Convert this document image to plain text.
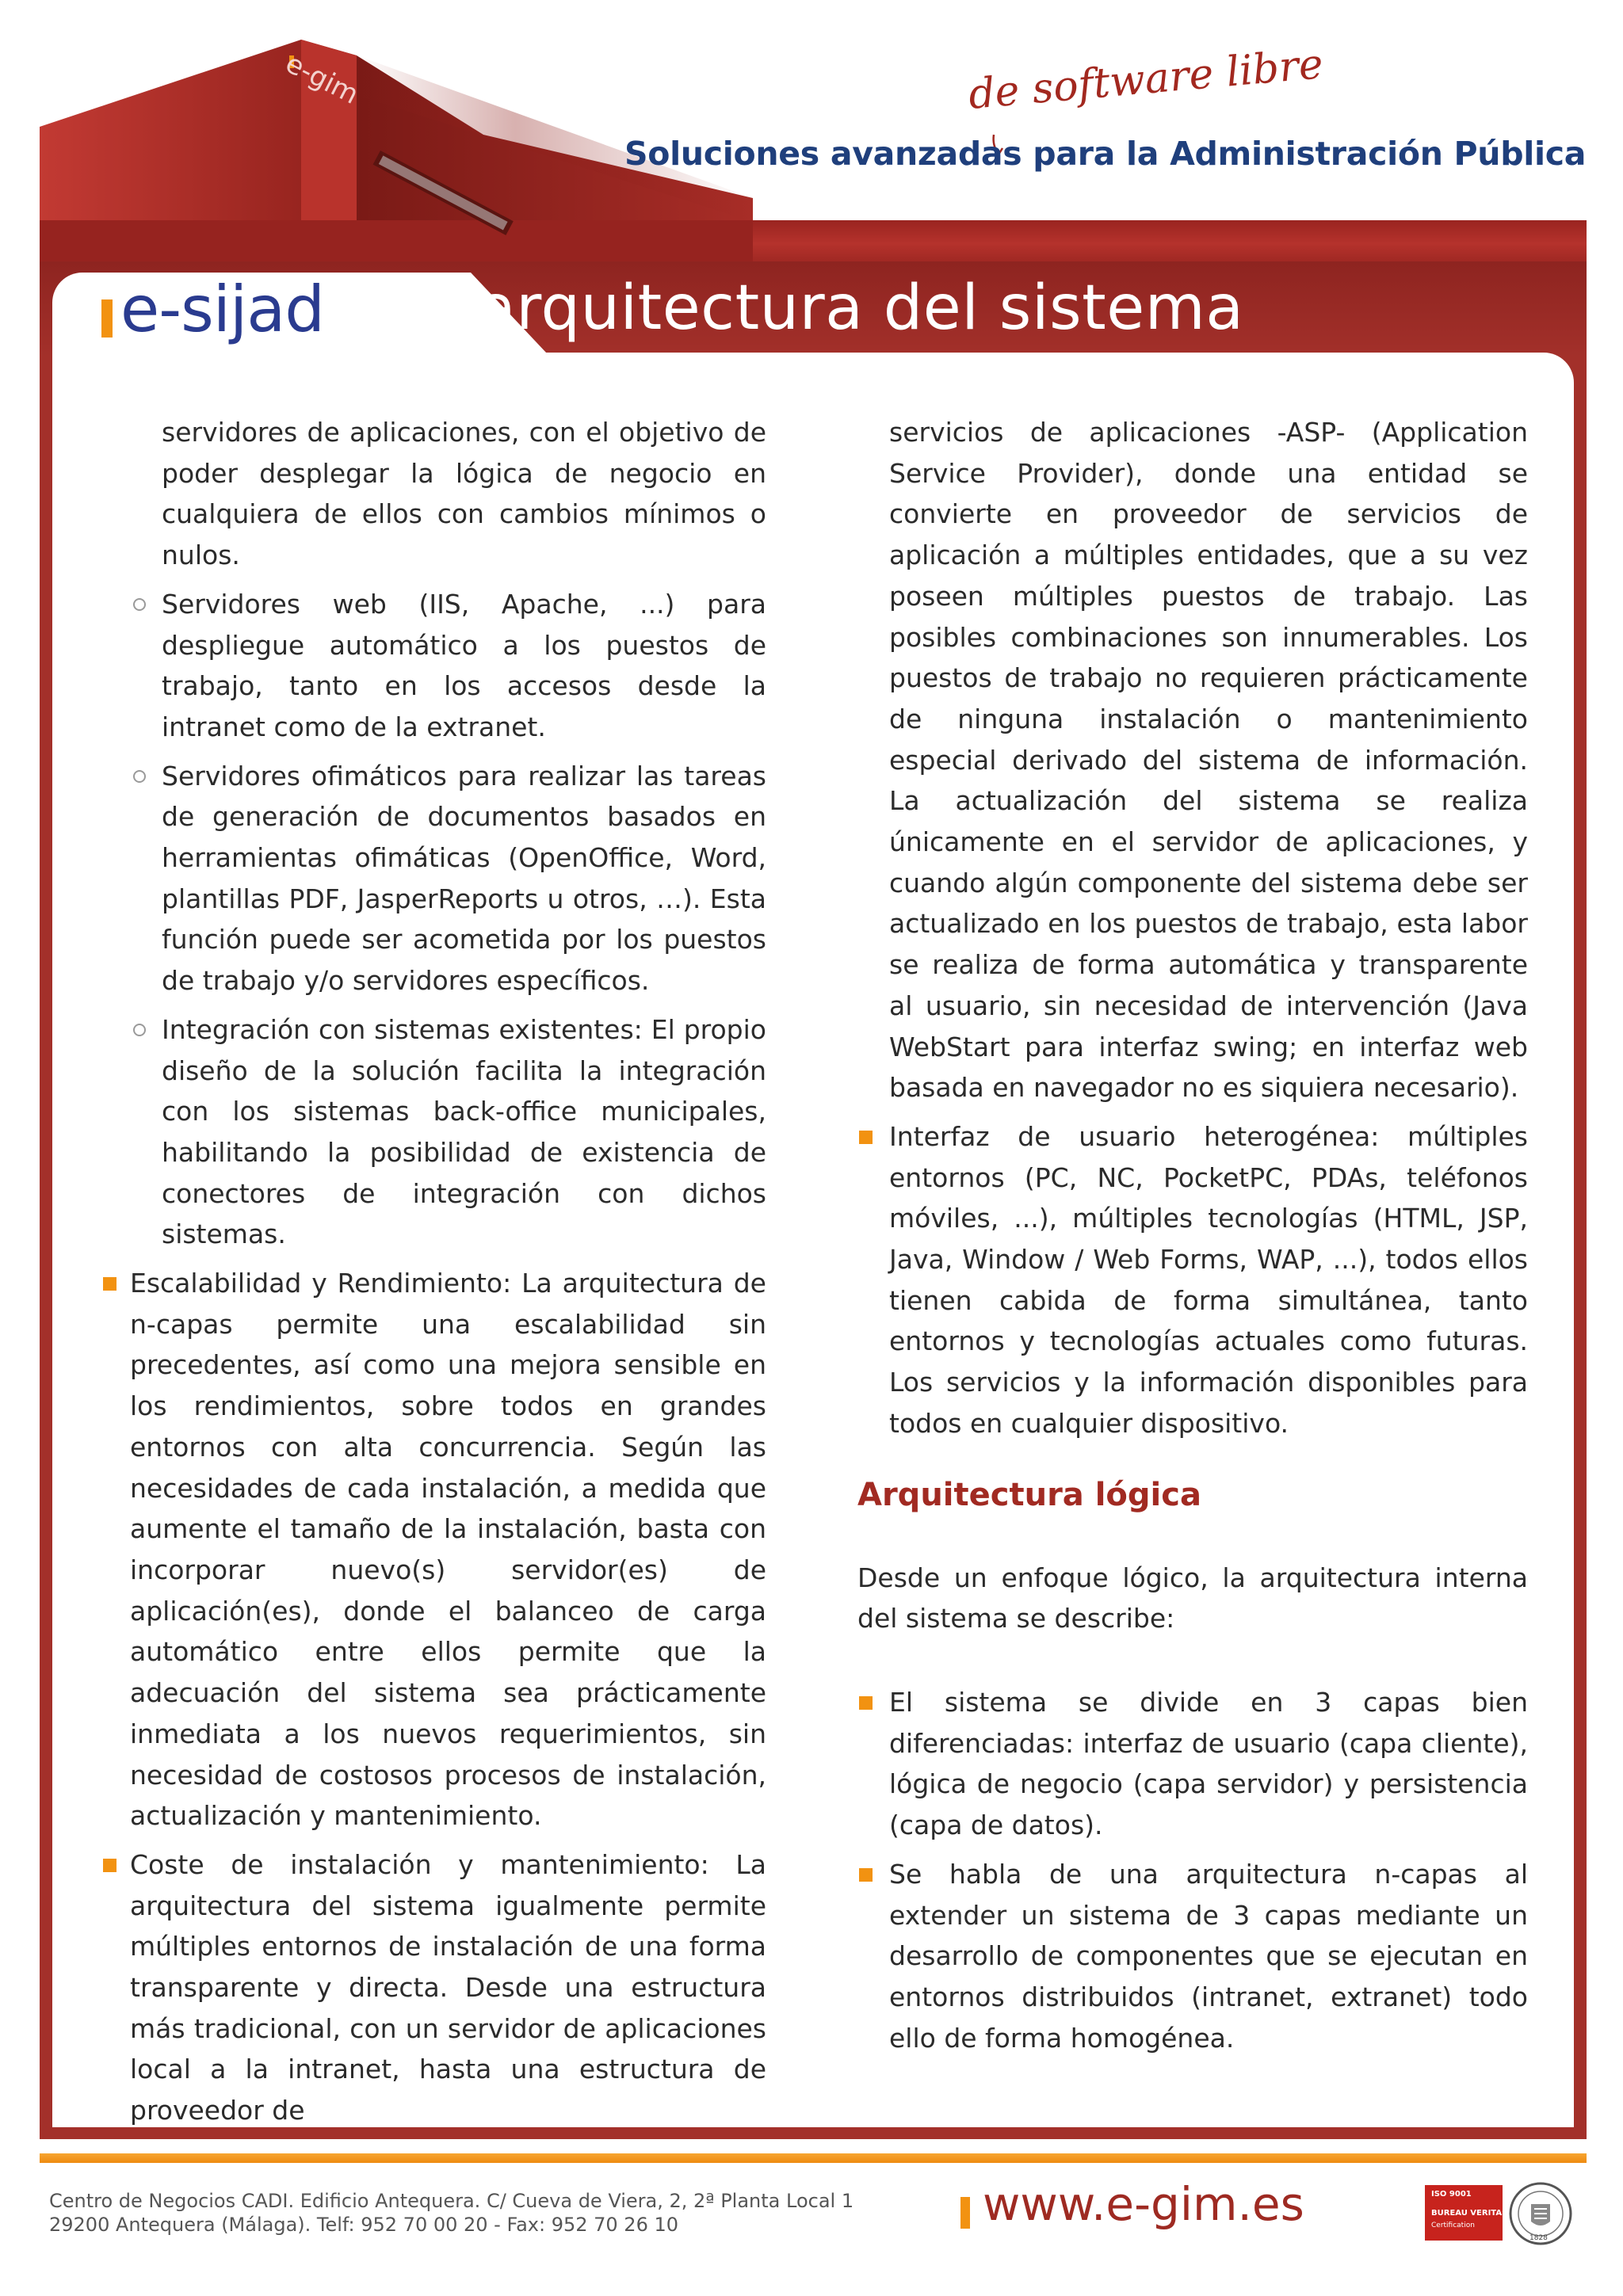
e-gim	de software libre
Soluciones avanzadas para la Administración Pública
e-sijad arquitectura del sistema

servidores de aplicaciones, con el objetivo de poder desplegar la lógica de negocio en cualquiera de ellos con cambios mínimos o nulos.

Servidores web (IIS, Apache, ...) para despliegue automático a los puestos de trabajo, tanto en los accesos desde la intranet como de la extranet.

Servidores ofimáticos para realizar las tareas de generación de documentos basados en herramientas ofimáticas (OpenOffice, Word, plantillas PDF, JasperReports u otros, …). Esta función puede ser acometida por los puestos de trabajo y/o servidores específicos.

Integración con sistemas existentes: El propio diseño de la solución facilita la integración con los sistemas back-office municipales, habilitando la posibilidad de existencia de conectores de integración con dichos sistemas.

Escalabilidad y Rendimiento: La arquitectura de n-capas permite una escalabilidad sin precedentes, así como una mejora sensible en los rendimientos, sobre todos en grandes entornos con alta concurrencia. Según las necesidades de cada instalación, a medida que aumente el tamaño de la instalación, basta con incorporar nuevo(s) servidor(es) de aplicación(es), donde el balanceo de carga automático entre ellos permite que la adecuación del sistema sea prácticamente inmediata a los nuevos requerimientos, sin necesidad de costosos procesos de instalación, actualización y mantenimiento.

Coste de instalación y mantenimiento: La arquitectura del sistema igualmente permite múltiples entornos de instalación de una forma transparente y directa. Desde una estructura más tradicional, con un servidor de aplicaciones local a la intranet, hasta una estructura de proveedor de

servicios de aplicaciones -ASP- (Application Service Provider), donde una entidad se convierte en proveedor de servicios de aplicación a múltiples entidades, que a su vez poseen múltiples puestos de trabajo. Las posibles combinaciones son innumerables. Los puestos de trabajo no requieren prácticamente de ninguna instalación o mantenimiento especial derivado del sistema de información. La actualización del sistema se realiza únicamente en el servidor de aplicaciones, y cuando algún componente del sistema debe ser actualizado en los puestos de trabajo, esta labor se realiza de forma automática y transparente al usuario, sin necesidad de intervención (Java WebStart para interfaz swing; en interfaz web basada en navegador no es siquiera necesario).

Interfaz de usuario heterogénea: múltiples entornos (PC, NC, PocketPC, PDAs, teléfonos móviles, ...), múltiples tecnologías (HTML, JSP, Java, Window / Web Forms, WAP, ...), todos ellos tienen cabida de forma simultánea, tanto entornos y tecnologías actuales como futuras. Los servicios y la información disponibles para todos en cualquier dispositivo.

Arquitectura lógica

Desde un enfoque lógico, la arquitectura interna del sistema se describe:

El sistema se divide en 3 capas bien diferenciadas: interfaz de usuario (capa cliente), lógica de negocio (capa servidor) y persistencia (capa de datos).

Se habla de una arquitectura n-capas al extender un sistema de 3 capas mediante un desarrollo de componentes que se ejecutan en entornos distribuidos (intranet, extranet) todo ello de forma homogénea.

Centro de Negocios CADI. Edificio Antequera. C/ Cueva de Viera, 2, 2ª Planta Local 1
29200 Antequera (Málaga). Telf: 952 70 00 20 - Fax: 952 70 26 10	www.e-gim.es	ISO 9001
BUREAU VERITAS
Certification
1828
